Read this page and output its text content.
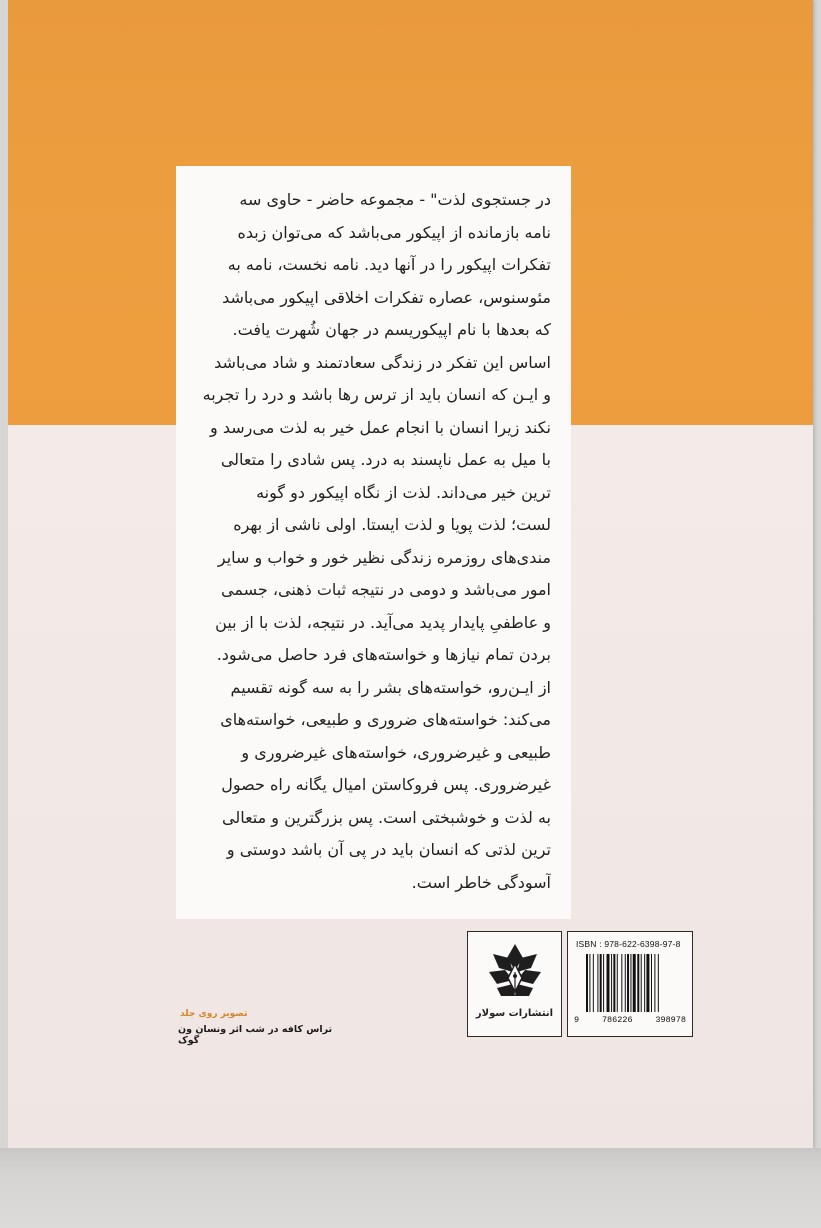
در جستجوی لذت" - مجموعه حاضر - حاوی سه
نامه بازمانده از اپیکور می‌باشد که می‌توان زبده
تفکرات اپیکور را در آنها دید. نامه نخست، نامه به
مئوسنوس، عصاره تفکرات اخلاقی اپیکور می‌باشد
که بعدها با نام اپیکوریسم در جهان شُهرت یافت.
اساس این تفکر در زندگی سعادتمند و شاد می‌باشد
و ایـن که انسان باید از ترس رها باشد و درد را تجربه
نکند زیرا انسان با انجام عمل خیر به لذت می‌رسد و
با میل به عمل ناپسند به درد. پس شادی را متعالی
ترین خیر می‌داند. لذت از نگاه اپیکور دو گونه
لست؛ لذت پویا و لذت ایستا. اولی ناشی از بهره
مندی‌های روزمره زندگی نظیر خور و خواب و سایر
امور می‌باشد و دومی در نتیجه ثبات ذهنی، جسمی
و عاطفیِ پایدار پدید می‌آید. در نتیجه، لذت با از بین
بردن تمام نیازها و خواسته‌های فرد حاصل می‌شود.
از ایـن‌رو، خواسته‌های بشر را به سه گونه تقسیم
می‌کند: خواسته‌های ضروری و طبیعی، خواسته‌های
طبیعی و غیرضروری، خواسته‌های غیرضروری و
غیرضروری. پس فروکاستن امیال یگانه راه حصول
به لذت و خوشبختی است. پس بزرگترین و متعالی
ترین لذتی که انسان باید در پی آن باشد دوستی و
آسودگی خاطر است.
انتشارات سولار
ISBN : 978-622-6398-97-8
9	786226	398978
تصویر روی جلد
تراس کافه در شب اثر ونسان ون گوک
